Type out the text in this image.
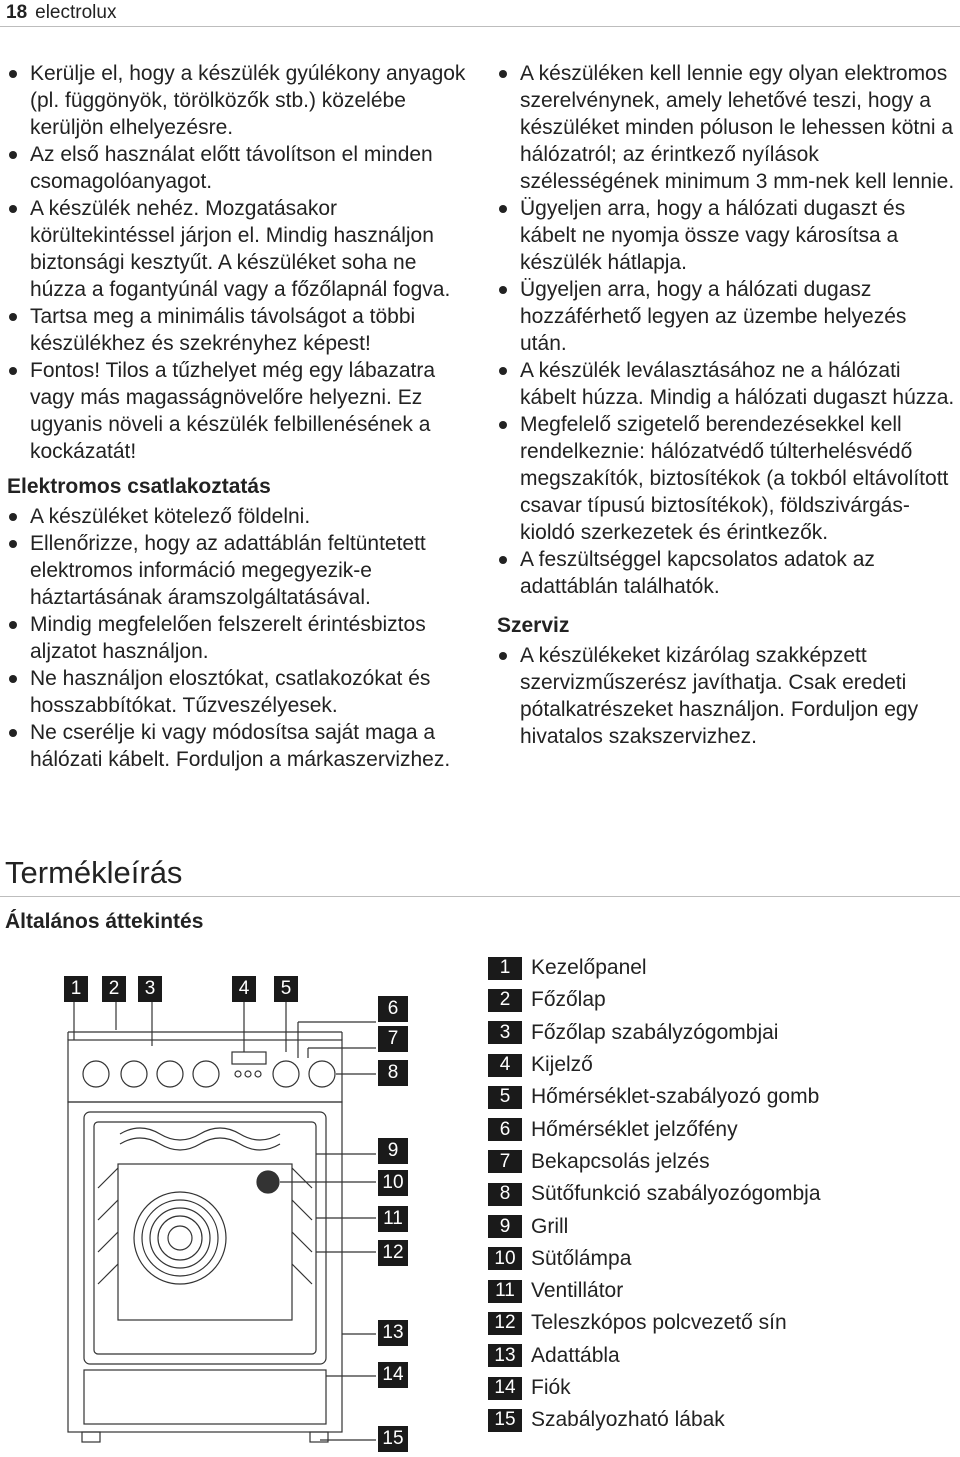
18 electrolux
Kerülje el, hogy a készülék gyúlékony anyagok (pl. függönyök, törölközők stb.) közelébe kerüljön elhelyezésre.
Az első használat előtt távolítson el minden csomagolóanyagot.
A készülék nehéz. Mozgatásakor körültekintéssel járjon el. Mindig használjon biztonsági kesztyűt. A készüléket soha ne húzza a fogantyúnál vagy a főzőlapnál fogva.
Tartsa meg a minimális távolságot a többi készülékhez és szekrényhez képest!
Fontos! Tilos a tűzhelyet még egy lábazatra vagy más magasságnövelőre helyezni. Ez ugyanis növeli a készülék felbillenésének a kockázatát!
Elektromos csatlakoztatás
A készüléket kötelező földelni.
Ellenőrizze, hogy az adattáblán feltüntetett elektromos információ megegyezik-e háztartásának áramszolgáltatásával.
Mindig megfelelően felszerelt érintésbiztos aljzatot használjon.
Ne használjon elosztókat, csatlakozókat és hosszabbítókat. Tűzveszélyesek.
Ne cserélje ki vagy módosítsa saját maga a hálózati kábelt. Forduljon a márkaszervizhez.
A készüléken kell lennie egy olyan elektromos szerelvénynek, amely lehetővé teszi, hogy a készüléket minden póluson le lehessen kötni a hálózatról; az érintkező nyílások szélességének minimum 3 mm-nek kell lennie.
Ügyeljen arra, hogy a hálózati dugaszt és kábelt ne nyomja össze vagy károsítsa a készülék hátlapja.
Ügyeljen arra, hogy a hálózati dugasz hozzáférhető legyen az üzembe helyezés után.
A készülék leválasztásához ne a hálózati kábelt húzza. Mindig a hálózati dugaszt húzza.
Megfelelő szigetelő berendezésekkel kell rendelkeznie: hálózatvédő túlterhelésvédő megszakítók, biztosítékok (a tokból eltávolított csavar típusú biztosítékok), földszivárgás-kioldó szerkezetek és érintkezők.
A feszültséggel kapcsolatos adatok az adattáblán találhatók.
Szerviz
A készülékeket kizárólag szakképzett szervizműszerész javíthatja. Csak eredeti pótalkatrészeket használjon. Forduljon egy hivatalos szakszervizhez.
Termékleírás
Általános áttekintés
1	2	3	4	5
6
7
8
9
10
11
12
13
14
15
1 Kezelőpanel
2 Főzőlap
3 Főzőlap szabályzógombjai
4 Kijelző
5 Hőmérséklet-szabályozó gomb
6 Hőmérséklet jelzőfény
7 Bekapcsolás jelzés
8 Sütőfunkció szabályozógombja
9 Grill
10 Sütőlámpa
11 Ventillátor
12 Teleszkópos polcvezető sín
13 Adattábla
14 Fiók
15 Szabályozható lábak
